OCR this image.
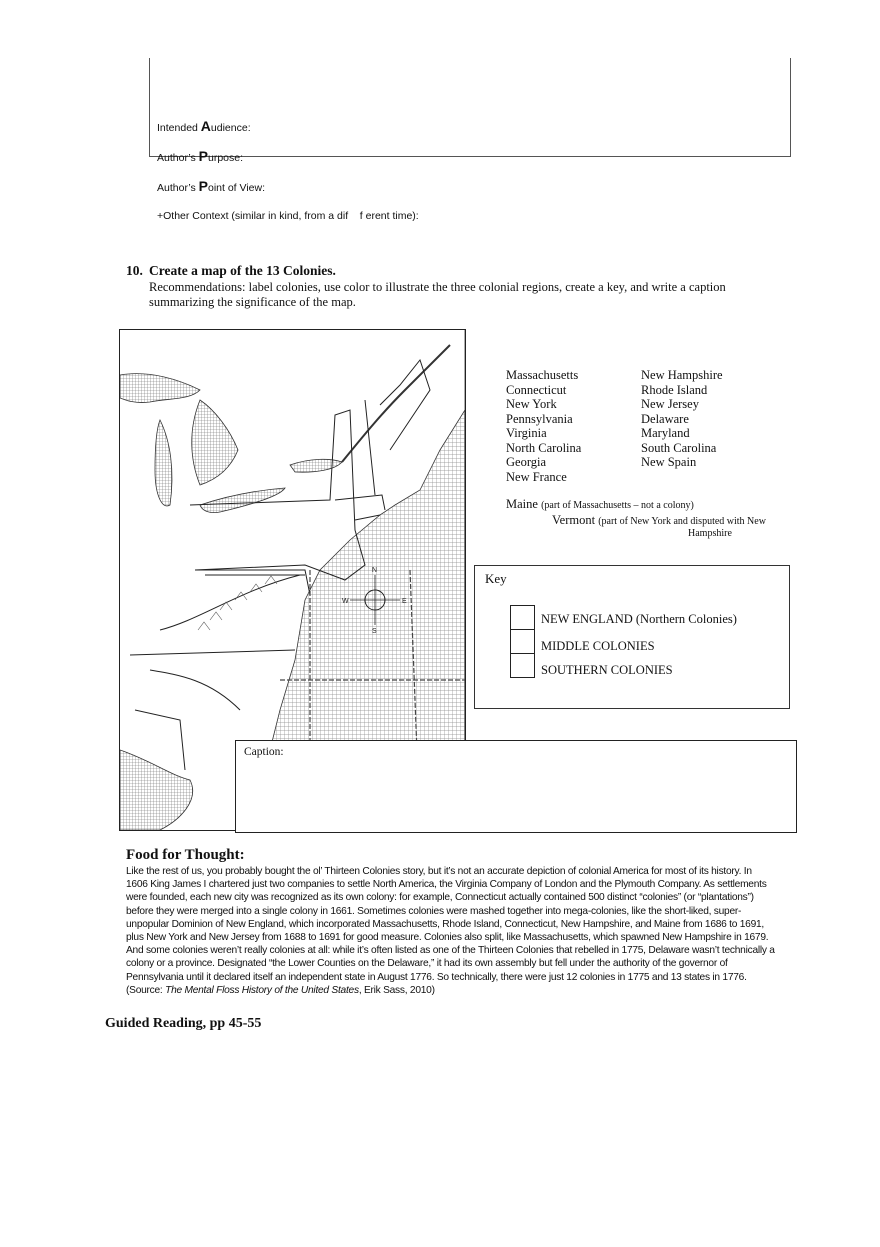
Intended Audience:
Author’s Purpose:
Author’s Point of View:
+Other Context (similar in kind, from a dif    f erent time):
10. Create a map of the 13 Colonies.
Recommendations: label colonies, use color to illustrate the three colonial regions, create a key, and write a caption summarizing the significance of the map.
N
S
W	E
Massachusetts
Connecticut
New York
Pennsylvania
Virginia
North Carolina
Georgia
New France
New Hampshire
Rhode Island
New Jersey
Delaware
Maryland
South Carolina
New Spain
Maine (part of Massachusetts – not a colony)
Vermont (part of New York and disputed with New
Hampshire
Key
NEW ENGLAND (Northern Colonies)
MIDDLE COLONIES
SOUTHERN COLONIES
Caption:
Food for Thought:
Like the rest of us, you probably bought the ol’ Thirteen Colonies story, but it’s not an accurate depiction of colonial America for most of its history. In 1606 King James I chartered just two companies to settle North America, the Virginia Company of London and the Plymouth Company. As settlements were founded, each new city was recognized as its own colony: for example, Connecticut actually contained 500 distinct “colonies” (or “plantations”) before they were merged into a single colony in 1661. Sometimes colonies were mashed together into mega-colonies, like the short-liked, super-unpopular Dominion of New England, which incorporated Massachusetts, Rhode Island, Connecticut, New Hampshire, and Maine from 1686 to 1691, plus New York and New Jersey from 1688 to 1691 for good measure. Colonies also split, like Massachusetts, which spawned New Hampshire in 1679. And some colonies weren’t really colonies at all: while it’s often listed as one of the Thirteen Colonies that rebelled in 1775, Delaware wasn’t technically a colony or a province. Designated “the Lower Counties on the Delaware,” it had its own assembly but fell under the authority of the governor of Pennsylvania until it declared itself an independent state in August 1776. So technically, there were just 12 colonies in 1775 and 13 states in 1776. (Source: The Mental Floss History of the United States, Erik Sass, 2010)
Guided Reading, pp 45-55
